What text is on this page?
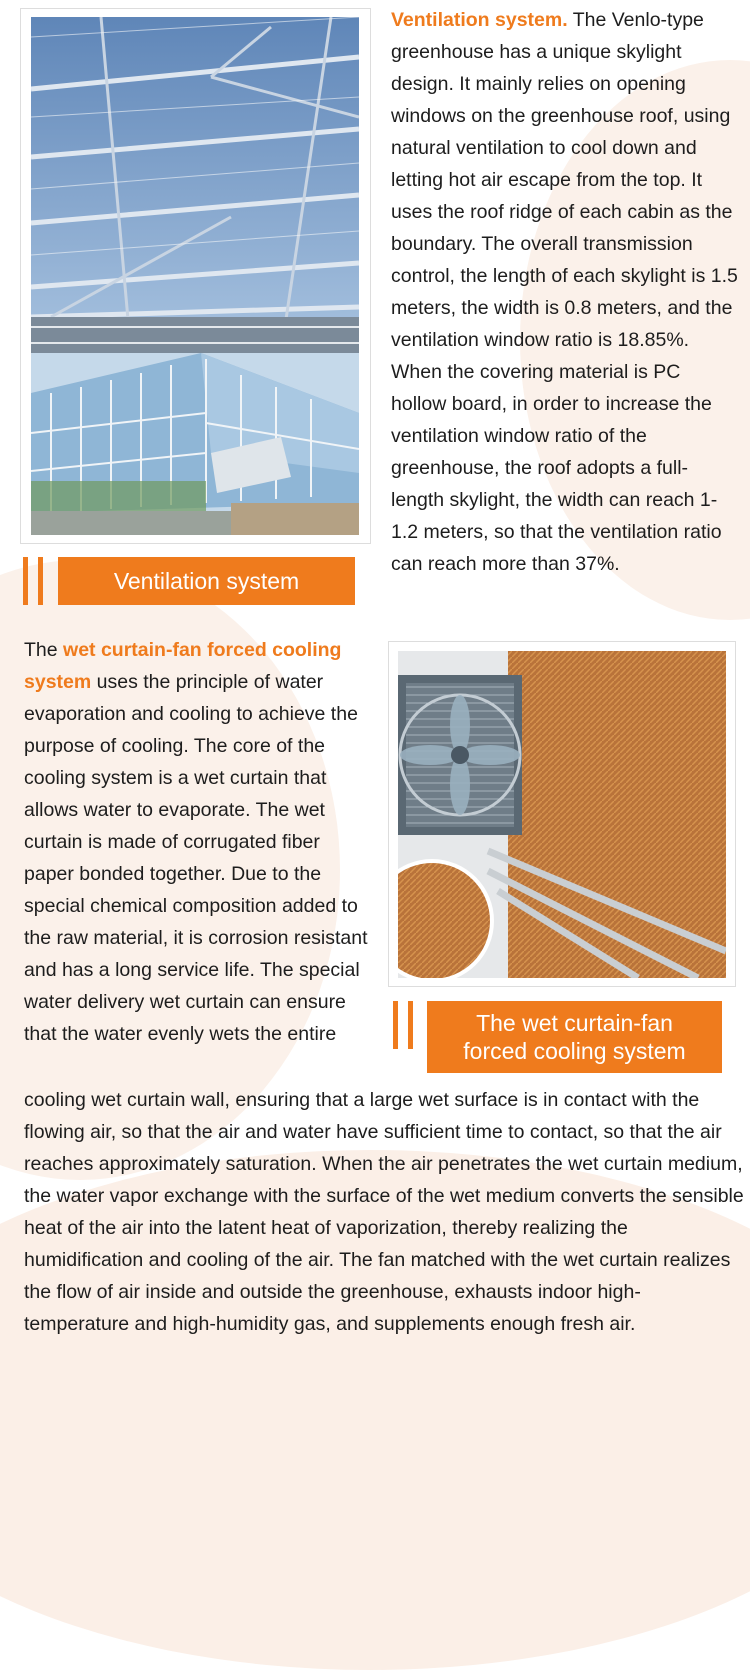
Ventilation system. The Venlo-type greenhouse has a unique skylight design. It mainly relies on opening windows on the greenhouse roof, using natural ventilation to cool down and letting hot air escape from the top. It uses the roof ridge of each cabin as the boundary. The overall transmission control, the length of each skylight is 1.5 meters, the width is 0.8 meters, and the ventilation window ratio is 18.85%. When the covering material is PC hollow board, in order to increase the ventilation window ratio of the greenhouse, the roof adopts a full-length skylight, the width can reach 1-1.2 meters, so that the ventilation ratio can reach more than 37%.
Ventilation system
The wet curtain-fan forced cooling system uses the principle of water evaporation and cooling to achieve the purpose of cooling. The core of the cooling system is a wet curtain that allows water to evaporate. The wet curtain is made of corrugated fiber paper bonded together. Due to the special chemical composition added to the raw material, it is corrosion resistant and has a long service life. The special water delivery wet curtain can ensure that the water evenly wets the entire	The wet curtain-fan
forced cooling system
cooling wet curtain wall, ensuring that a large wet surface is in contact with the flowing air, so that the air and water have sufficient time to contact, so that the air reaches approximately saturation. When the air penetrates the wet curtain medium, the water vapor exchange with the surface of the wet medium converts the sensible heat of the air into the latent heat of vaporization, thereby realizing the humidification and cooling of the air. The fan matched with the wet curtain realizes the flow of air inside and outside the greenhouse, exhausts indoor high-temperature and high-humidity gas, and supplements enough fresh air.
